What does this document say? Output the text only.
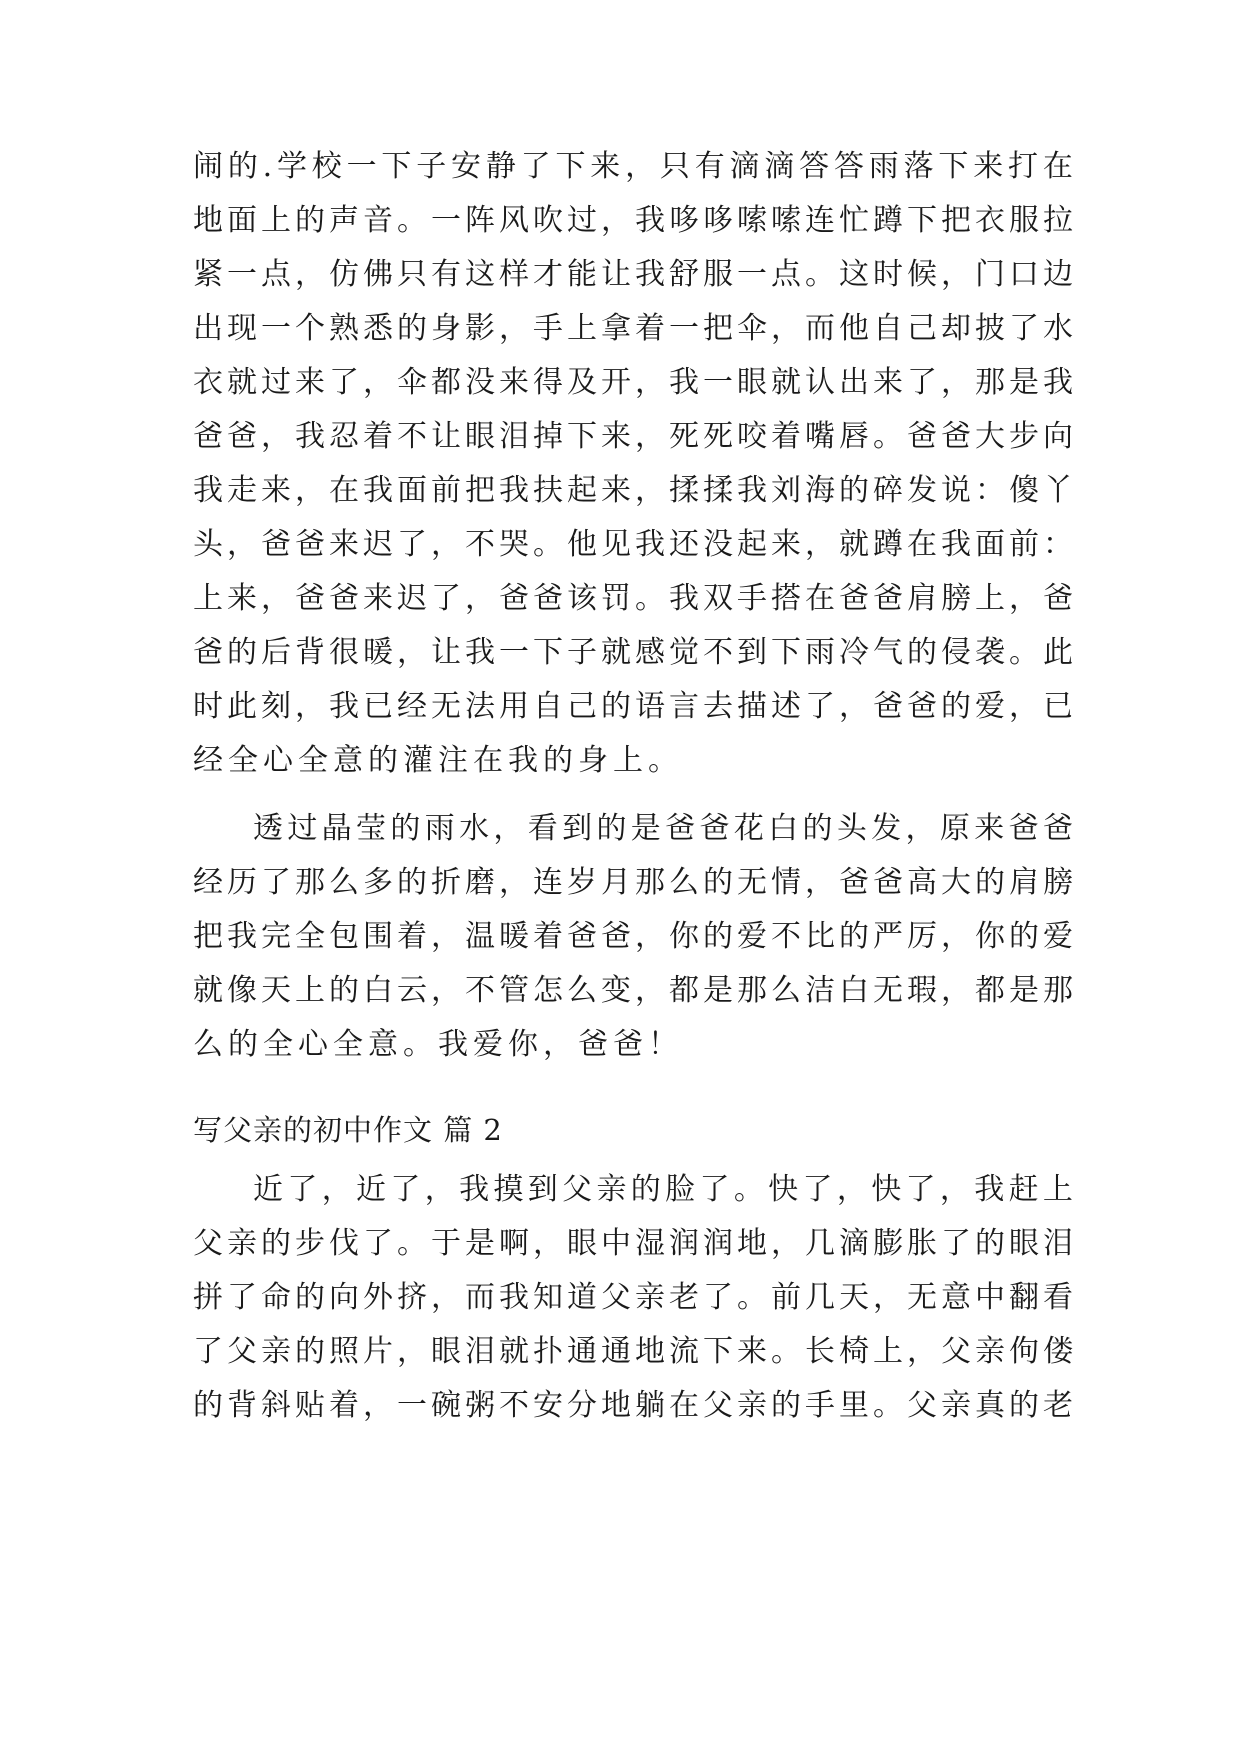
闹 的 . 学 校 一 下 子 安 静 了 下 来 ， 只 有 滴 滴 答 答 雨 落 下 来 打 在
地 面 上 的 声 音 。 一 阵 风 吹 过 ， 我 哆 哆 嗦 嗦 连 忙 蹲 下 把 衣 服 拉
紧 一 点 ， 仿 佛 只 有 这 样 才 能 让 我 舒 服 一 点 。 这 时 候 ， 门 口 边
出 现 一 个 熟 悉 的 身 影 ， 手 上 拿 着 一 把 伞 ， 而 他 自 己 却 披 了 水
衣 就 过 来 了 ， 伞 都 没 来 得 及 开 ， 我 一 眼 就 认 出 来 了 ， 那 是 我
爸 爸 ， 我 忍 着 不 让 眼 泪 掉 下 来 ， 死 死 咬 着 嘴 唇 。 爸 爸 大 步 向
我 走 来 ， 在 我 面 前 把 我 扶 起 来 ， 揉 揉 我 刘 海 的 碎 发 说 ： 傻 丫
头 ， 爸 爸 来 迟 了 ， 不 哭 。 他 见 我 还 没 起 来 ， 就 蹲 在 我 面 前 ：
上 来 ， 爸 爸 来 迟 了 ， 爸 爸 该 罚 。 我 双 手 搭 在 爸 爸 肩 膀 上 ， 爸
爸 的 后 背 很 暖 ， 让 我 一 下 子 就 感 觉 不 到 下 雨 冷 气 的 侵 袭 。 此
时 此 刻 ， 我 已 经 无 法 用 自 己 的 语 言 去 描 述 了 ， 爸 爸 的 爱 ， 已
经全心全意的灌注在我的身上。
透 过 晶 莹 的 雨 水 ， 看 到 的 是 爸 爸 花 白 的 头 发 ， 原 来 爸 爸
经 历 了 那 么 多 的 折 磨 ， 连 岁 月 那 么 的 无 情 ， 爸 爸 高 大 的 肩 膀
把 我 完 全 包 围 着 ， 温 暖 着 爸 爸 ， 你 的 爱 不 比 的 严 厉 ， 你 的 爱
就 像 天 上 的 白 云 ， 不 管 怎 么 变 ， 都 是 那 么 洁 白 无 瑕 ， 都 是 那
么的全心全意。我爱你，爸爸！
写父亲的初中作文 篇 2
近 了 ， 近 了 ， 我 摸 到 父 亲 的 脸 了 。 快 了 ， 快 了 ， 我 赶 上
父 亲 的 步 伐 了 。 于 是 啊 ， 眼 中 湿 润 润 地 ， 几 滴 膨 胀 了 的 眼 泪
拼 了 命 的 向 外 挤 ， 而 我 知 道 父 亲 老 了 。 前 几 天 ， 无 意 中 翻 看
了 父 亲 的 照 片 ， 眼 泪 就 扑 通 通 地 流 下 来 。 长 椅 上 ， 父 亲 佝 偻
的 背 斜 贴 着 ， 一 碗 粥 不 安 分 地 躺 在 父 亲 的 手 里 。 父 亲 真 的 老
